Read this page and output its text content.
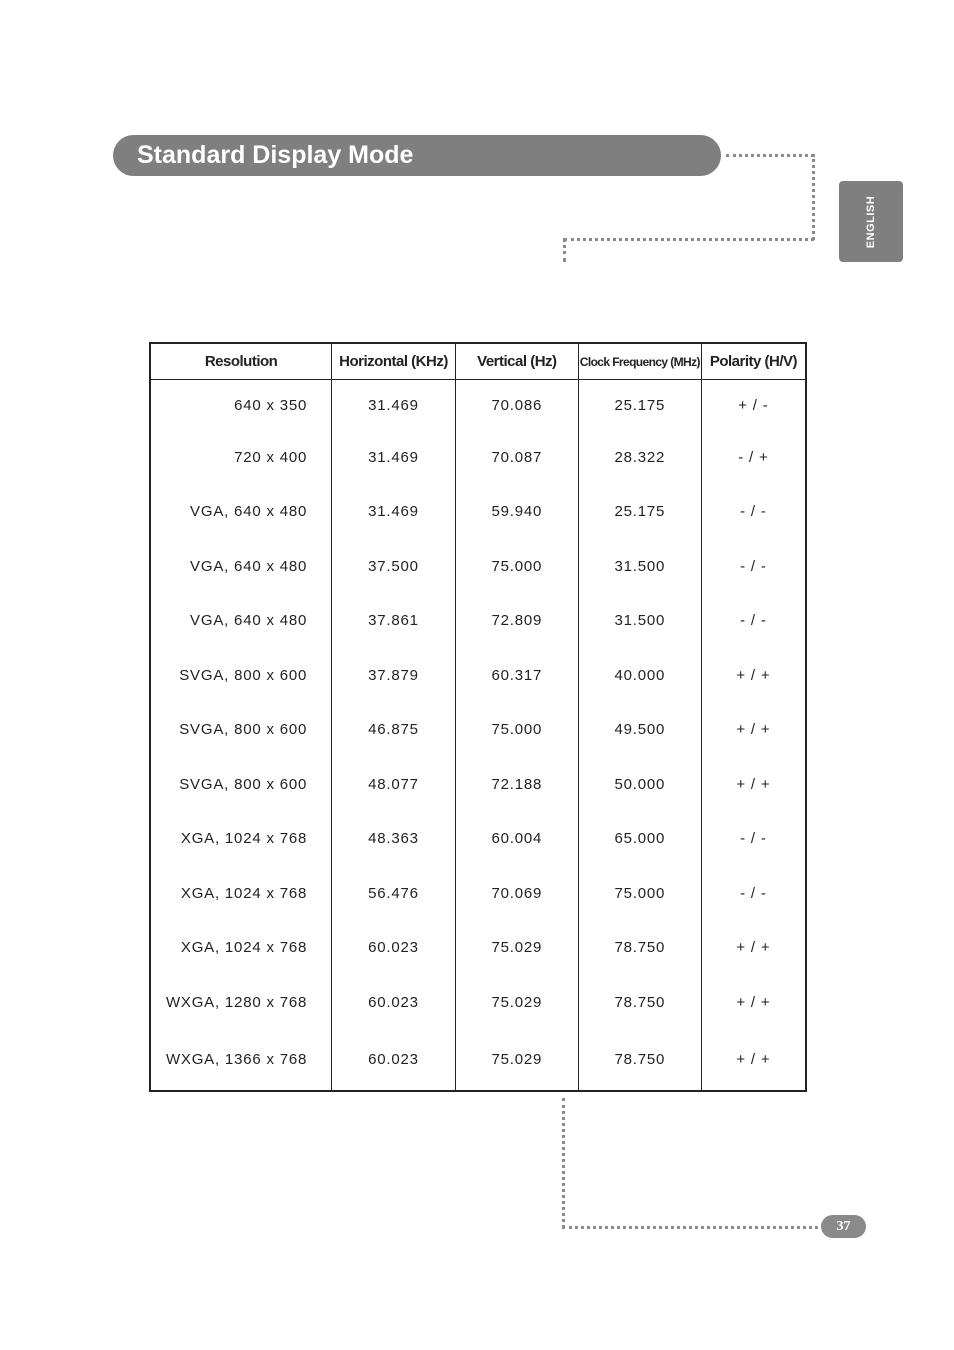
Standard Display Mode
ENGLISH
Resolution	Horizontal (KHz)	Vertical (Hz)	Clock Frequency (MHz)	Polarity (H/V)
640 x 350	31.469	70.086	25.175	+ / -
720 x 400	31.469	70.087	28.322	- / +
VGA, 640 x 480	31.469	59.940	25.175	- / -
VGA, 640 x 480	37.500	75.000	31.500	- / -
VGA, 640 x 480	37.861	72.809	31.500	- / -
SVGA, 800 x 600	37.879	60.317	40.000	+ / +
SVGA, 800 x 600	46.875	75.000	49.500	+ / +
SVGA, 800 x 600	48.077	72.188	50.000	+ / +
XGA, 1024 x 768	48.363	60.004	65.000	- / -
XGA, 1024 x 768	56.476	70.069	75.000	- / -
XGA, 1024 x 768	60.023	75.029	78.750	+ / +
WXGA, 1280 x 768	60.023	75.029	78.750	+ / +
WXGA, 1366 x 768	60.023	75.029	78.750	+ / +
37
